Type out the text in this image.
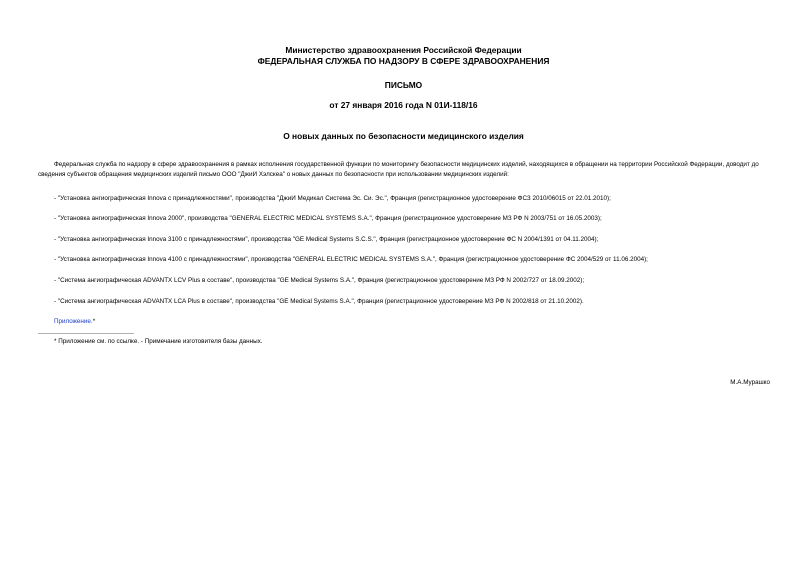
Министерство здравоохранения Российской Федерации
ФЕДЕРАЛЬНАЯ СЛУЖБА ПО НАДЗОРУ В СФЕРЕ ЗДРАВООХРАНЕНИЯ
ПИСЬМО
от 27 января 2016 года N 01И-118/16
О новых данных по безопасности медицинского изделия

Федеральная служба по надзору в сфере здравоохранения в рамках исполнения государственной функции по мониторингу безопасности медицинских изделий, находящихся в обращении на территории Российской Федерации, доводит до сведения субъектов обращения медицинских изделий письмо ООО "ДжиИ Хэлскеа" о новых данных по безопасности при использовании медицинских изделий:

- "Установка ангиографическая Innova с принадлежностями", производства "ДжиИ Медикал Система Эс. Си. Эс.", Франция (регистрационное удостоверение ФСЗ 2010/06015 от 22.01.2010);

- "Установка ангиографическая Innova 2000", производства "GENERAL ELECTRIC MEDICAL SYSTEMS S.A.", Франция (регистрационное удостоверение МЗ РФ N 2003/751 от 16.05.2003);

- "Установка ангиографическая Innova 3100 с принадлежностями", производства "GE Medical Systems S.C.S.", Франция (регистрационное удостоверение ФС N 2004/1391 от 04.11.2004);

- "Установка ангиографическая Innova 4100 с принадлежностями", производства "GENERAL ELECTRIC MEDICAL SYSTEMS S.A.", Франция (регистрационное удостоверение ФС 2004/529 от 11.06.2004);

- "Система ангиографическая ADVANTX LCV Plus в составе", производства "GE Medical Systems S.A.", Франция (регистрационное удостоверение МЗ РФ N 2002/727 от 18.09.2002);

- "Система ангиографическая ADVANTX LCA Plus в составе", производства "GE Medical Systems S.A.", Франция (регистрационное удостоверение МЗ РФ N 2002/818 от 21.10.2002).

Приложение.*

* Приложение см. по ссылке. - Примечание изготовителя базы данных.

М.А.Мурашко
